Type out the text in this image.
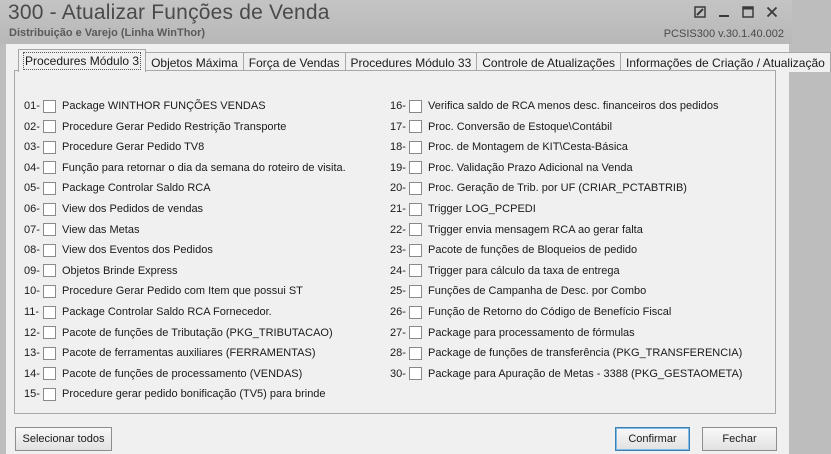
300 - Atualizar Funções de Venda
Distribuição e Varejo (Linha WinThor)	PCSIS300 v.30.1.40.002
Procedures Módulo 3 Objetos Máxima Força de Vendas Procedures Módulo 33 Controle de Atualizações Informações de Criação / Atualização
01- Package WINTHOR FUNÇÕES VENDAS
02- Procedure Gerar Pedido Restrição Transporte
03- Procedure Gerar Pedido TV8
04- Função para retornar o dia da semana do roteiro de visita.
05- Package Controlar Saldo RCA
06- View dos Pedidos de vendas
07- View das Metas
08- View dos Eventos dos Pedidos
09- Objetos Brinde Express
10- Procedure Gerar Pedido com Item que possui ST
11- Package Controlar Saldo RCA Fornecedor.
12- Pacote de funções de Tributação (PKG_TRIBUTACAO)
13- Pacote de ferramentas auxiliares (FERRAMENTAS)
14- Pacote de funções de processamento (VENDAS)
15- Procedure gerar pedido bonificação (TV5) para brinde
16- Verifica saldo de RCA menos desc. financeiros dos pedidos
17- Proc. Conversão de Estoque\Contábil
18- Proc. de Montagem de KIT\Cesta-Básica
19- Proc. Validação Prazo Adicional na Venda
20- Proc. Geração de Trib. por UF (CRIAR_PCTABTRIB)
21- Trigger LOG_PCPEDI
22- Trigger envia mensagem RCA ao gerar falta
23- Pacote de funções de Bloqueios de pedido
24- Trigger para cálculo da taxa de entrega
25- Funções de Campanha de Desc. por Combo
26- Função de Retorno do Código de Benefício Fiscal
27- Package para processamento de fórmulas
28- Package de funções de transferência (PKG_TRANSFERENCIA)
30- Package para Apuração de Metas - 3388 (PKG_GESTAOMETA)
Selecionar todos	Confirmar	Fechar
